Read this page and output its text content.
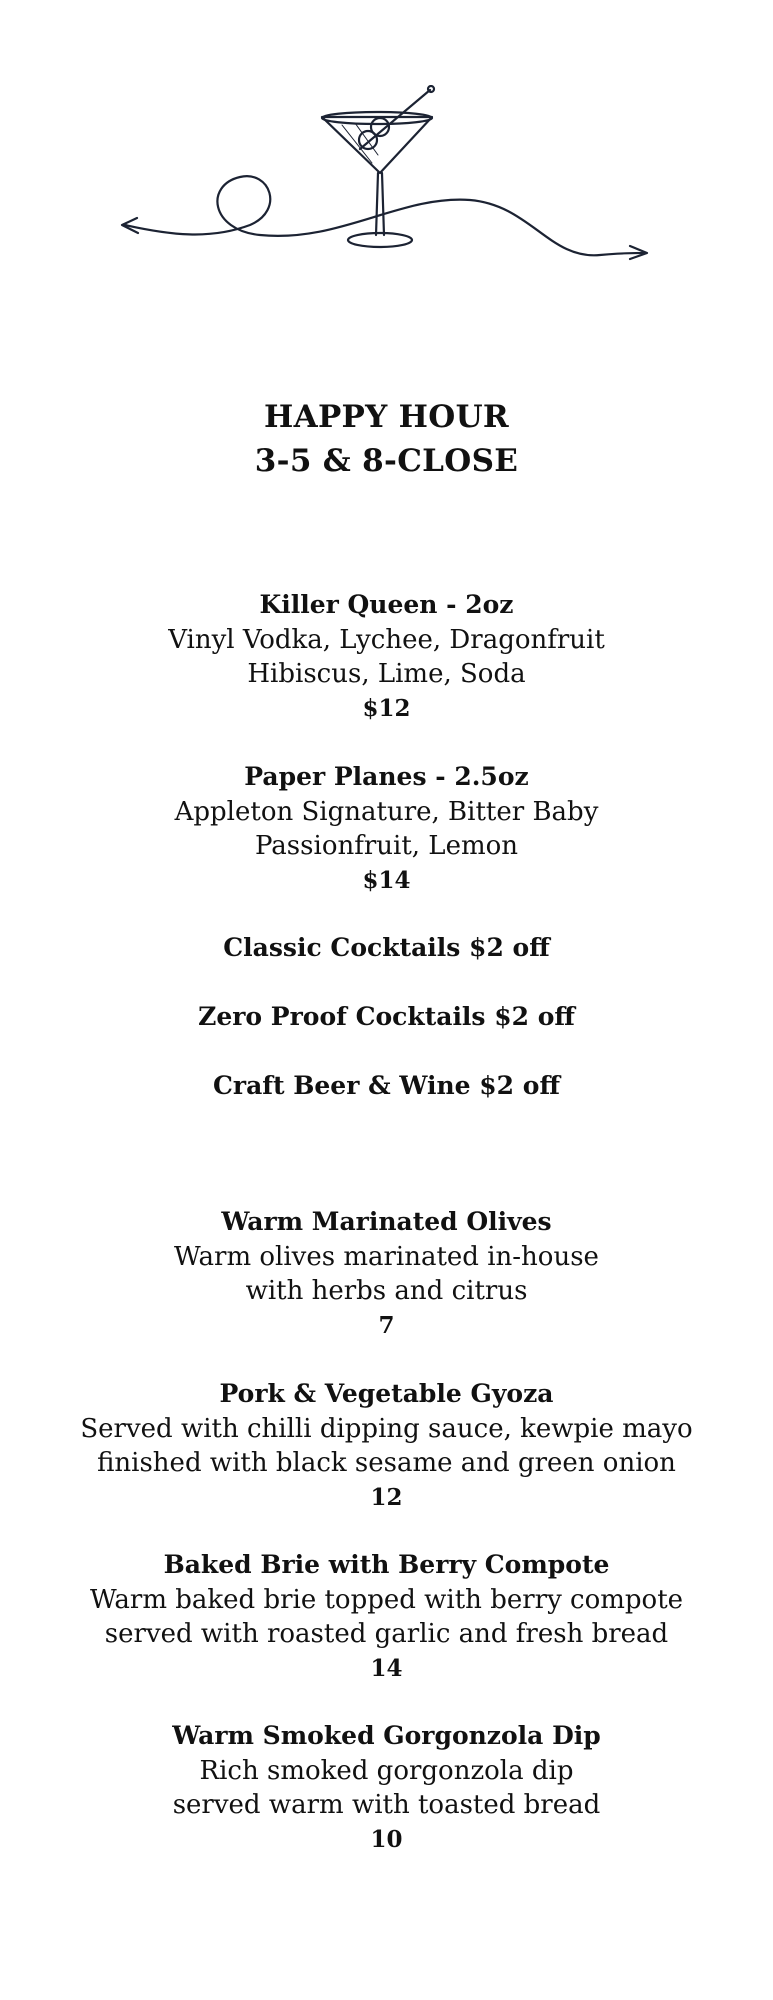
HAPPY HOUR
3-5 & 8-CLOSE
Killer Queen - 2oz
Vinyl Vodka, Lychee, Dragonfruit
Hibiscus, Lime, Soda
$12
Paper Planes - 2.5oz
Appleton Signature, Bitter Baby
Passionfruit, Lemon
$14
Classic Cocktails $2 off
Zero Proof Cocktails $2 off
Craft Beer & Wine $2 off
Warm Marinated Olives
Warm olives marinated in-house
with herbs and citrus
7
Pork & Vegetable Gyoza
Served with chilli dipping sauce, kewpie mayo
finished with black sesame and green onion
12
Baked Brie with Berry Compote
Warm baked brie topped with berry compote
served with roasted garlic and fresh bread
14
Warm Smoked Gorgonzola Dip
Rich smoked gorgonzola dip
served warm with toasted bread
10
